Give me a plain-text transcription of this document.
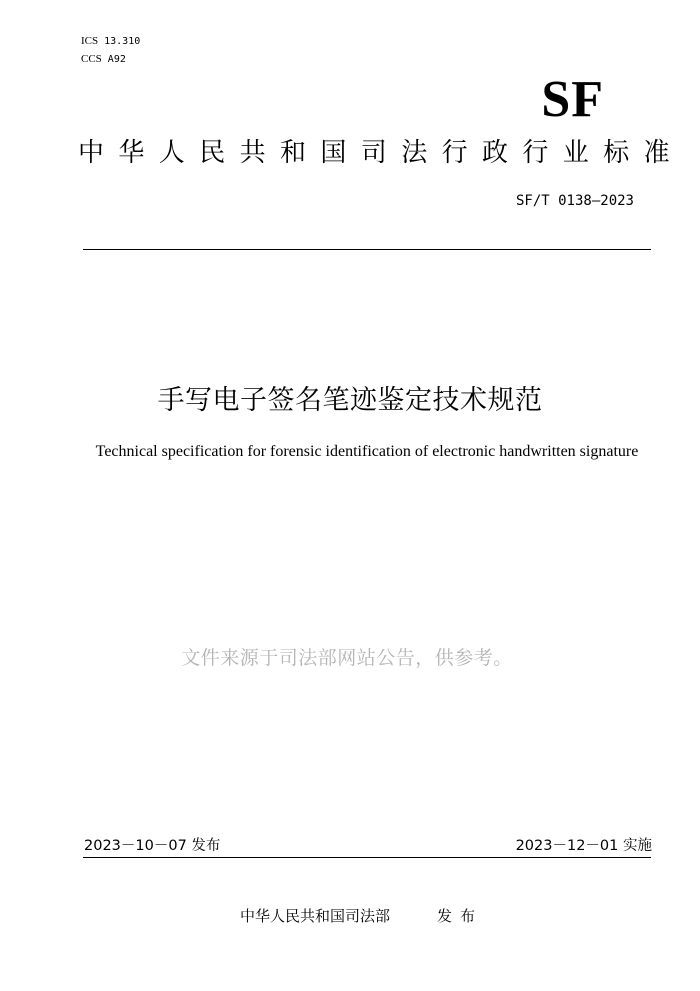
ICS 13.310
CCS A92
SF
中华人民共和国司法行政行业标准
SF/T 0138—2023
手写电子签名笔迹鉴定技术规范
Technical specification for forensic identification of electronic handwritten signature
文件来源于司法部网站公告，供参考。
2023－10－07 发布	2023－12－01 实施
中华人民共和国司法部	发布
